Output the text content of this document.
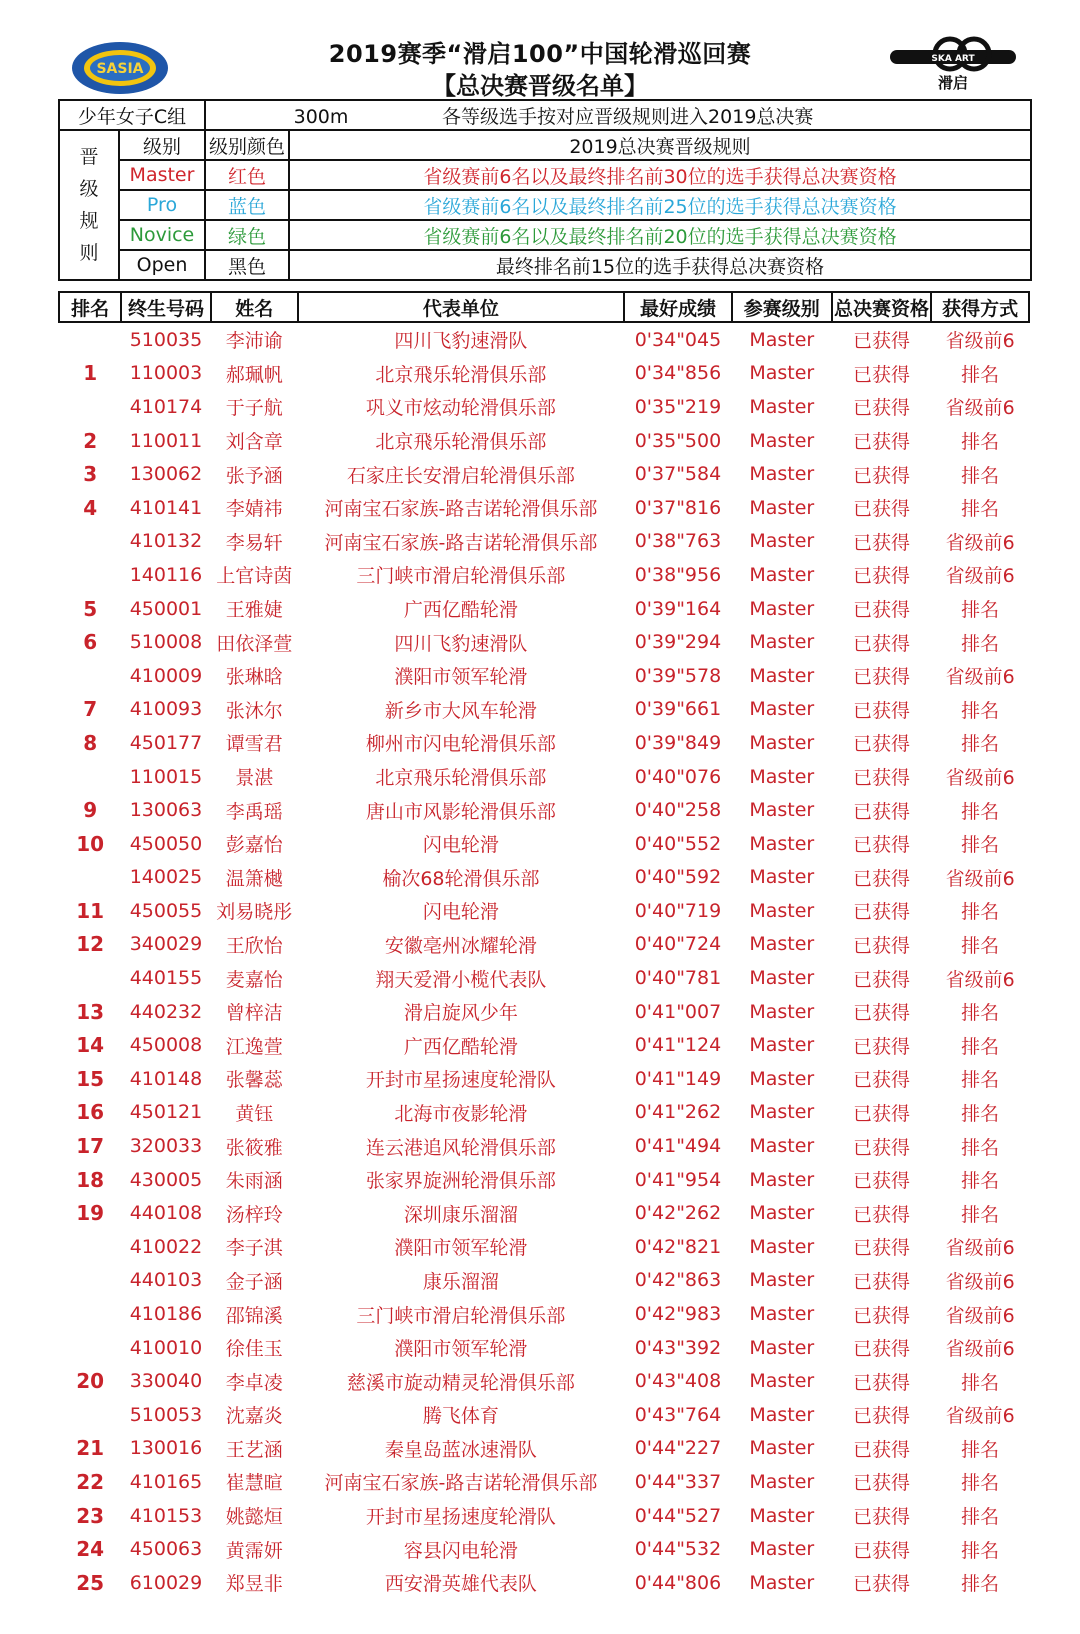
SASIA
2019赛季“滑启100”中国轮滑巡回赛
【总决赛晋级名单】
SKA ART
滑启
少年女子C组		300m 各等级选手按对应晋级规则进入2019总决赛	
晋
级
规
则	级别	级别颜色	2019总决赛晋级规则
	Master	红色	省级赛前6名以及最终排名前30位的选手获得总决赛资格
	Pro	蓝色	省级赛前6名以及最终排名前25位的选手获得总决赛资格
	Novice	绿色	省级赛前6名以及最终排名前20位的选手获得总决赛资格
	Open	黑色	最终排名前15位的选手获得总决赛资格
排名	终生号码	姓名	代表单位	最好成绩	参赛级别	总决赛资格	获得方式
	510035	李沛谕	四川飞豹速滑队	0'34"045	Master	已获得	省级前6
1	110003	郝珮帆	北京飛乐轮滑俱乐部	0'34"856	Master	已获得	排名
	410174	于子航	巩义市炫动轮滑俱乐部	0'35"219	Master	已获得	省级前6
2	110011	刘含章	北京飛乐轮滑俱乐部	0'35"500	Master	已获得	排名
3	130062	张予涵	石家庄长安滑启轮滑俱乐部	0'37"584	Master	已获得	排名
4	410141	李婧祎	河南宝石家族-路吉诺轮滑俱乐部	0'37"816	Master	已获得	排名
	410132	李易轩	河南宝石家族-路吉诺轮滑俱乐部	0'38"763	Master	已获得	省级前6
	140116	上官诗茵	三门峡市滑启轮滑俱乐部	0'38"956	Master	已获得	省级前6
5	450001	王雅婕	广西亿酷轮滑	0'39"164	Master	已获得	排名
6	510008	田依泽萱	四川飞豹速滑队	0'39"294	Master	已获得	排名
	410009	张琳晗	濮阳市领军轮滑	0'39"578	Master	已获得	省级前6
7	410093	张沐尔	新乡市大风车轮滑	0'39"661	Master	已获得	排名
8	450177	谭雪君	柳州市闪电轮滑俱乐部	0'39"849	Master	已获得	排名
	110015	景湛	北京飛乐轮滑俱乐部	0'40"076	Master	已获得	省级前6
9	130063	李禹瑶	唐山市风影轮滑俱乐部	0'40"258	Master	已获得	排名
10	450050	彭嘉怡	闪电轮滑	0'40"552	Master	已获得	排名
	140025	温箫樾	榆次68轮滑俱乐部	0'40"592	Master	已获得	省级前6
11	450055	刘易晓彤	闪电轮滑	0'40"719	Master	已获得	排名
12	340029	王欣怡	安徽亳州冰耀轮滑	0'40"724	Master	已获得	排名
	440155	麦嘉怡	翔天爱滑小榄代表队	0'40"781	Master	已获得	省级前6
13	440232	曾梓洁	滑启旋风少年	0'41"007	Master	已获得	排名
14	450008	江逸萱	广西亿酷轮滑	0'41"124	Master	已获得	排名
15	410148	张馨蕊	开封市星扬速度轮滑队	0'41"149	Master	已获得	排名
16	450121	黄钰	北海市夜影轮滑	0'41"262	Master	已获得	排名
17	320033	张筱雅	连云港追风轮滑俱乐部	0'41"494	Master	已获得	排名
18	430005	朱雨涵	张家界旋洲轮滑俱乐部	0'41"954	Master	已获得	排名
19	440108	汤梓玲	深圳康乐溜溜	0'42"262	Master	已获得	排名
	410022	李子淇	濮阳市领军轮滑	0'42"821	Master	已获得	省级前6
	440103	金子涵	康乐溜溜	0'42"863	Master	已获得	省级前6
	410186	邵锦溪	三门峡市滑启轮滑俱乐部	0'42"983	Master	已获得	省级前6
	410010	徐佳玉	濮阳市领军轮滑	0'43"392	Master	已获得	省级前6
20	330040	李卓凌	慈溪市旋动精灵轮滑俱乐部	0'43"408	Master	已获得	排名
	510053	沈嘉炎	腾飞体育	0'43"764	Master	已获得	省级前6
21	130016	王艺涵	秦皇岛蓝冰速滑队	0'44"227	Master	已获得	排名
22	410165	崔慧暄	河南宝石家族-路吉诺轮滑俱乐部	0'44"337	Master	已获得	排名
23	410153	姚懿烜	开封市星扬速度轮滑队	0'44"527	Master	已获得	排名
24	450063	黄霈妍	容县闪电轮滑	0'44"532	Master	已获得	排名
25	610029	郑昱非	西安滑英雄代表队	0'44"806	Master	已获得	排名
